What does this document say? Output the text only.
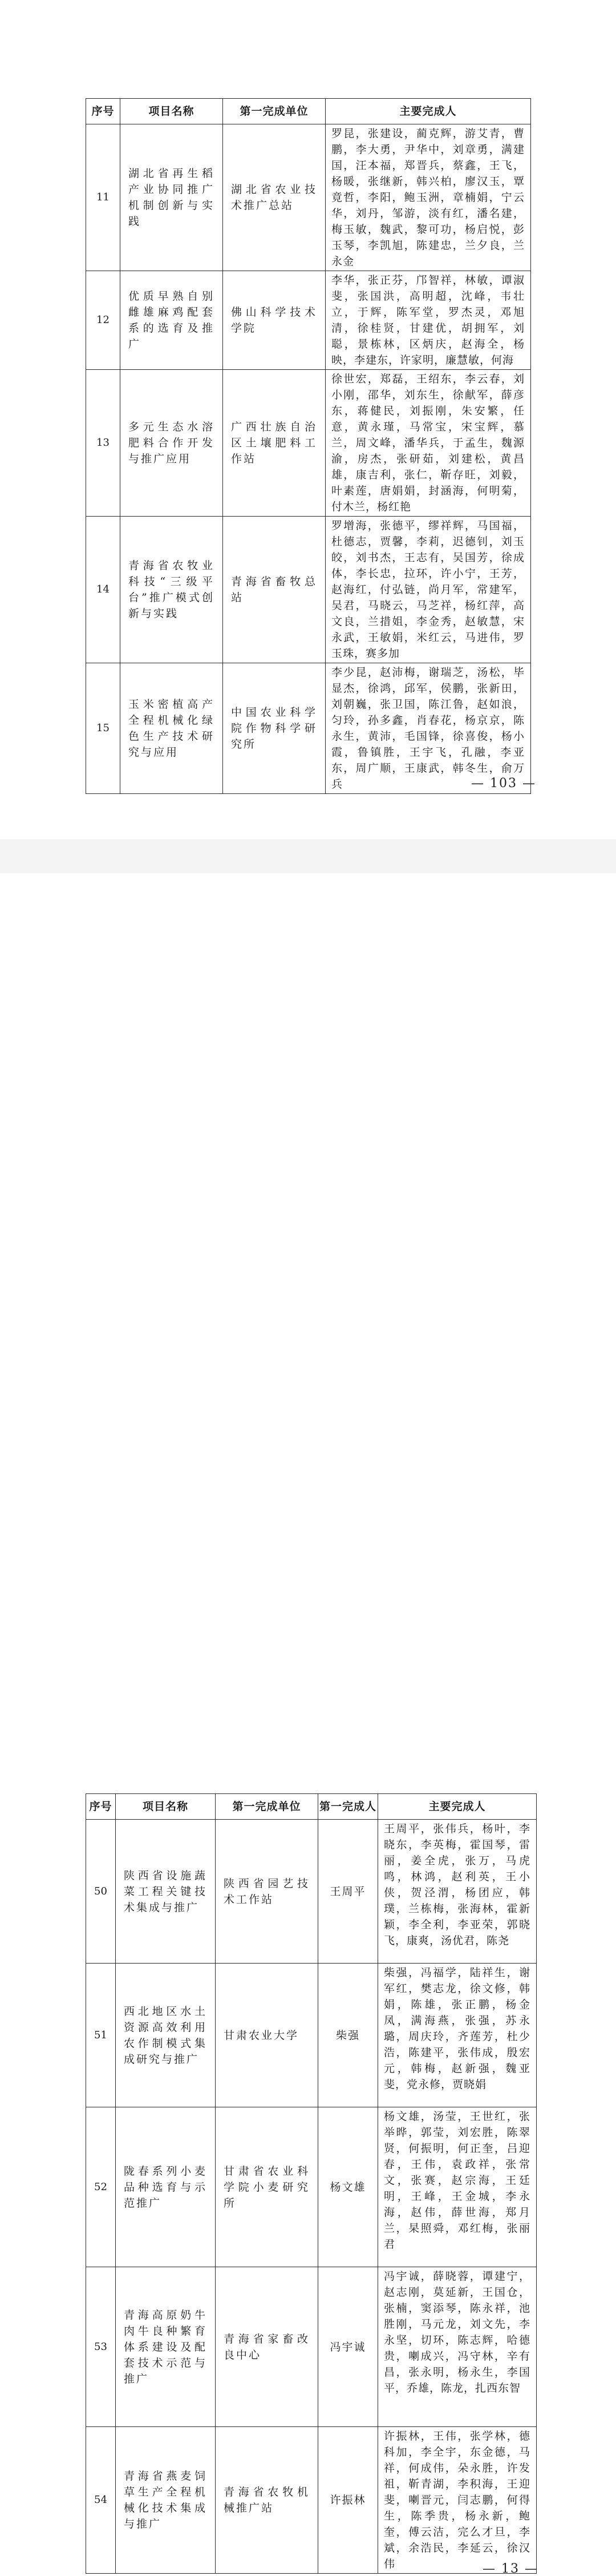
序号	项目名称	第一完成单位	主要完成人
11	湖北省再生稻产业协同推广机制创新与实践	湖北省农业技术推广总站	罗昆，张建设，蔺克辉，游艾青，曹鹏，李大勇，尹华中，刘章勇，满建国，汪本福，郑晋兵，蔡鑫，王飞，杨暖，张继新，韩兴柏，廖汉玉，覃竟哲，李阳，鲍玉洲，章楠娟，宁云华，刘丹，邹游，淡有红，潘名建，梅玉敏，魏武，黎可功，杨启悦，彭玉琴，李凯旭，陈建忠，兰夕良，兰永金
12	优质早熟自别雌雄麻鸡配套系的选育及推广	佛山科学技术学院	李华，张正芬，邝智祥，林敏，谭淑斐，张国洪，高明超，沈峰，韦壮立，于辉，陈军堂，罗杰灵，邓旭清，徐桂贤，甘建优，胡拥军，刘聪，景栋林，区炳庆，赵海全，杨映，李建东，许家明，廉慧敏，何海
13	多元生态水溶肥料合作开发与推广应用	广西壮族自治区土壤肥料工作站	徐世宏，郑磊，王绍东，李云春，刘小刚，邵华，刘东生，徐献军，薛彦东，蒋健民，刘振刚，朱安繁，任意，黄永瑾，马常宝，宋宝辉，慕兰，周文峰，潘华兵，于孟生，魏源渝，房杰，张研茹，刘建松，黄昌雄，康吉利，张仁，靳存旺，刘毅，叶素莲，唐娟娟，封涵海，何明菊，付木兰，杨红艳
14	青海省农牧业科技“三级平台”推广模式创新与实践	青海省畜牧总站	罗增海，张德平，缪祥辉，马国福，杜德志，贾馨，李莉，迟德钊，刘玉皎，刘书杰，王志有，吴国芳，徐成体，李长忠，拉环，许小宁，王芳，赵海红，付弘链，尚月军，常建军，吴君，马晓云，马芝祥，杨红萍，高文良，兰措姐，李金秀，赵敏慧，宋永武，王敏娟，米红云，马进伟，罗玉珠，赛多加
15	玉米密植高产全程机械化绿色生产技术研究与应用	中国农业科学院作物科学研究所	李少昆，赵沛梅，谢瑞芝，汤松，毕显杰，徐鸿，邱军，侯鹏，张新田，刘朝巍，张卫国，陈江鲁，赵如浪，匀玲，孙多鑫，肖春花，杨京京，陈永生，黄沛，毛国锋，徐喜俊，杨小霞，鲁镇胜，王宇飞，孔融，李亚东，周广顺，王康武，韩冬生，俞万兵	— 103 —
序号	项目名称	第一完成单位	第一完成人	主要完成人
50	陕西省设施蔬菜工程关键技术集成与推广	陕西省园艺技术工作站	王周平	王周平，张伟兵，杨叶，李晓东，李英梅，霍国琴，雷丽，姜全虎，张万，马虎鸣，林鸿，赵利英，王小侠，贺泾渭，杨团应，韩璞，兰栋梅，张海林，霍新颖，李全利，李亚荣，郭晓飞，康爽，汤优君，陈尧
51	西北地区水土资源高效利用农作制模式集成研究与推广	甘肃农业大学	柴强	柴强，冯福学，陆祥生，谢军红，樊志龙，徐文修，韩娟，陈雄，张正鹏，杨金凤，满海燕，张强，苏永璐，周庆玲，齐莲芳，杜少浩，陈建平，张伟成，殷宏元，韩梅，赵新强，魏亚斐，党永修，贾晓娟
52	陇春系列小麦品种选育与示范推广	甘肃省农业科学院小麦研究所	杨文雄	杨文雄，汤莹，王世红，张举晔，郭莹，刘宏胜，陈翠贤，何振明，何正奎，吕迎春，王伟，袁政祥，张常文，张赛，赵宗海，王廷明，王峰，王金城，李永海，赵伟，薛世海，郑月兰，杲照舜，邓红梅，张丽君
53	青海高原奶牛肉牛良种繁育体系建设及配套技术示范与推广	青海省家畜改良中心	冯宇诚	冯宇诚，薛晓蓉，谭建宁，赵志刚，莫延新，王国仓，张楠，窦添琴，陈永祥，池胜刚，马元龙，刘文先，李永坚，切环，陈志辉，哈德贵，喇成兴，冯守林，辛有昌，张永明，杨永生，李国平，乔雄，陈龙，扎西东智
54	青海省燕麦饲草生产全程机械化技术集成与推广	青海省农牧机械推广站	许振林	许振林，王伟，张学林，德科加，李全宇，东金德，马祥，何成伟，朵永胜，许发祖，靳青湖，李积海，王迎斐，喇晋元，闫志鹏，何得生，陈季贵，杨永新，鲍奎，傅云洁，完么才旦，李斌，余浩民，李延云，徐汉伟	— 13 —
